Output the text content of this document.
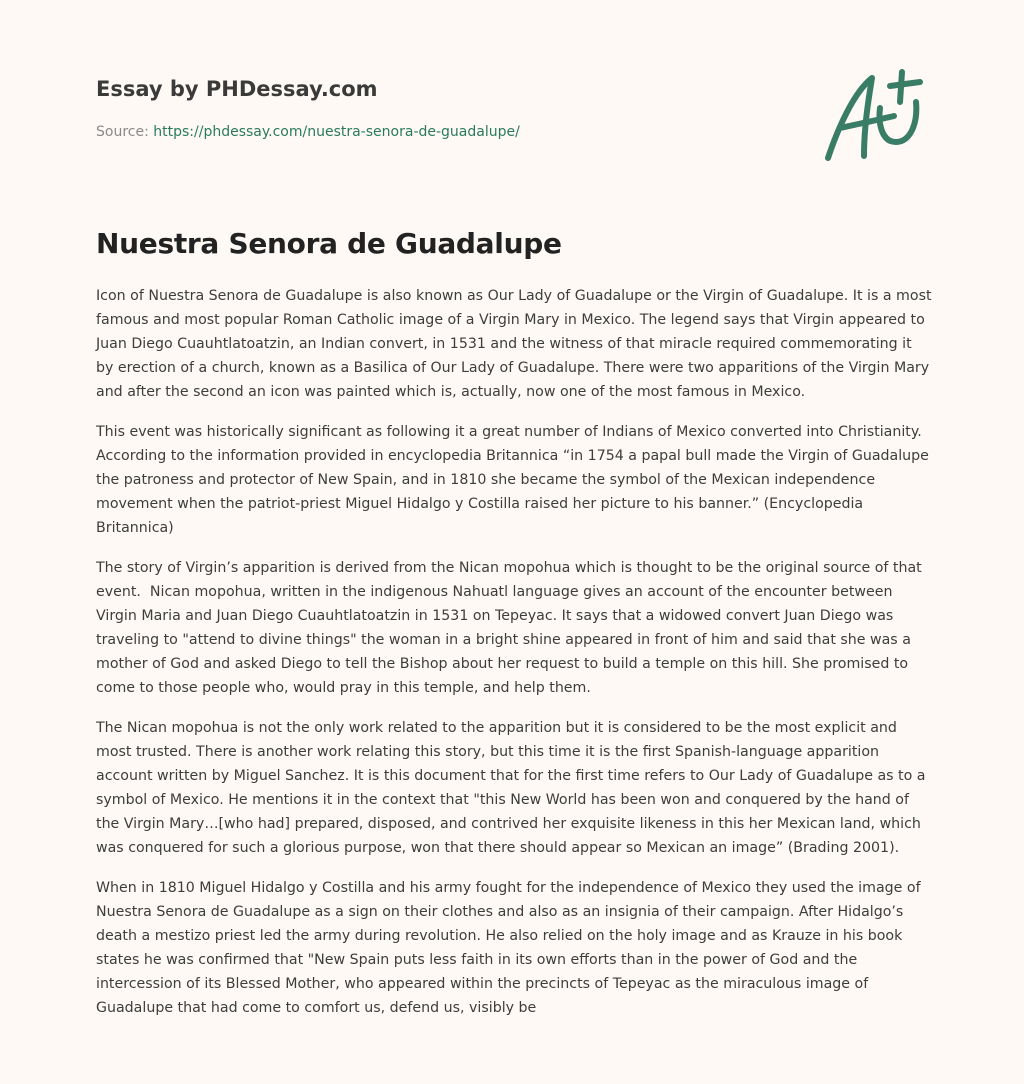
Essay by PHDessay.com
Source: https://phdessay.com/nuestra-senora-de-guadalupe/
Nuestra Senora de Guadalupe

Icon of Nuestra Senora de Guadalupe is also known as Our Lady of Guadalupe or the Virgin of Guadalupe. It is a most famous and most popular Roman Catholic image of a Virgin Mary in Mexico. The legend says that Virgin appeared to Juan Diego Cuauhtlatoatzin, an Indian convert, in 1531 and the witness of that miracle required commemorating it by erection of a church, known as a Basilica of Our Lady of Guadalupe. There were two apparitions of the Virgin Mary and after the second an icon was painted which is, actually, now one of the most famous in Mexico.

This event was historically significant as following it a great number of Indians of Mexico converted into Christianity. According to the information provided in encyclopedia Britannica “in 1754 a papal bull made the Virgin of Guadalupe the patroness and protector of New Spain, and in 1810 she became the symbol of the Mexican independence movement when the patriot-priest Miguel Hidalgo y Costilla raised her picture to his banner.” (Encyclopedia Britannica)

The story of Virgin’s apparition is derived from the Nican mopohua which is thought to be the original source of that event.  Nican mopohua, written in the indigenous Nahuatl language gives an account of the encounter between Virgin Maria and Juan Diego Cuauhtlatoatzin in 1531 on Tepeyac. It says that a widowed convert Juan Diego was traveling to "attend to divine things" the woman in a bright shine appeared in front of him and said that she was a mother of God and asked Diego to tell the Bishop about her request to build a temple on this hill. She promised to come to those people who, would pray in this temple, and help them.

The Nican mopohua is not the only work related to the apparition but it is considered to be the most explicit and most trusted. There is another work relating this story, but this time it is the first Spanish-language apparition account written by Miguel Sanchez. It is this document that for the first time refers to Our Lady of Guadalupe as to a symbol of Mexico. He mentions it in the context that "this New World has been won and conquered by the hand of the Virgin Mary…[who had] prepared, disposed, and contrived her exquisite likeness in this her Mexican land, which was conquered for such a glorious purpose, won that there should appear so Mexican an image” (Brading 2001).

When in 1810 Miguel Hidalgo y Costilla and his army fought for the independence of Mexico they used the image of Nuestra Senora de Guadalupe as a sign on their clothes and also as an insignia of their campaign. After Hidalgo’s death a mestizo priest led the army during revolution. He also relied on the holy image and as Krauze in his book states he was confirmed that "New Spain puts less faith in its own efforts than in the power of God and the intercession of its Blessed Mother, who appeared within the precincts of Tepeyac as the miraculous image of Guadalupe that had come to comfort us, defend us, visibly be
